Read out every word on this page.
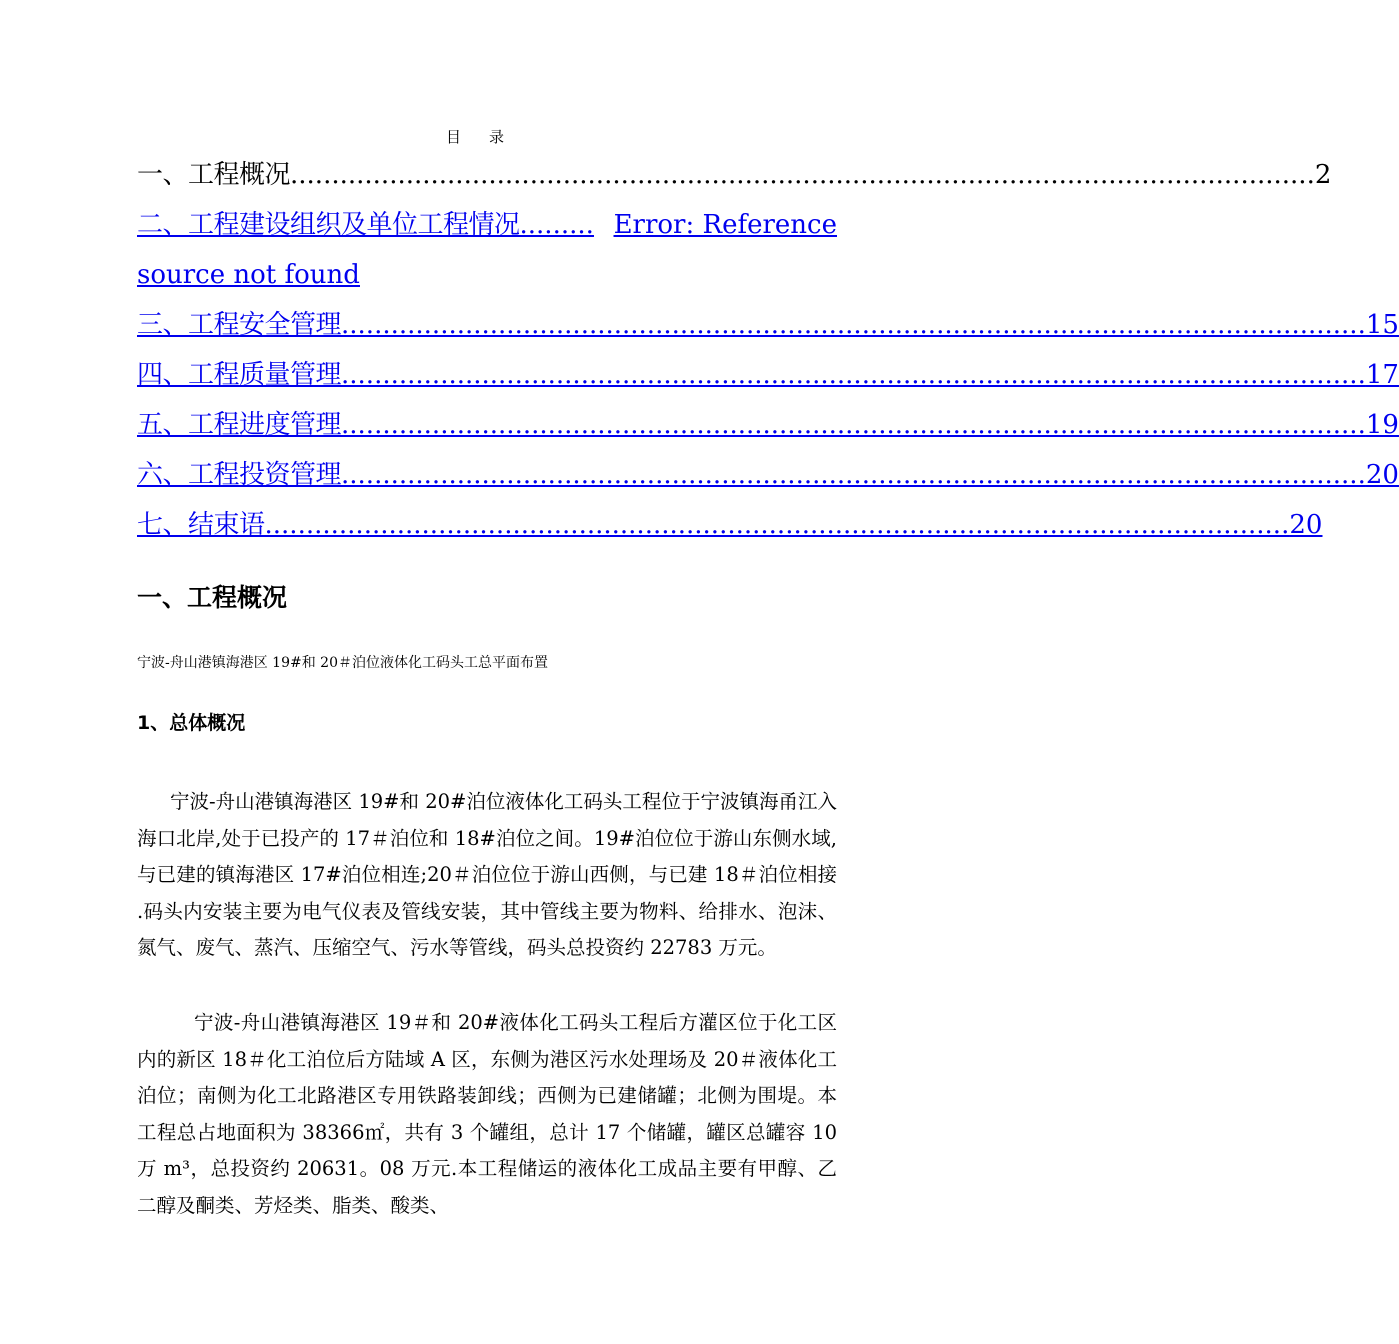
目录
一、工程概况 ............................................................................................................................ 2
二、工程建设组织及单位工程情况 ......... Error: Reference
source not found
三、工程安全管理 ............................................................................................................................ 15
四、工程质量管理 ............................................................................................................................ 17
五、工程进度管理 ............................................................................................................................ 19
六、工程投资管理 ............................................................................................................................ 20
七、结束语 ............................................................................................................................ 20
一、工程概况
宁波-舟山港镇海港区 19#和 20＃泊位液体化工码头工总平面布置
1、总体概况
宁波-舟山港镇海港区 19#和 20#泊位液体化工码头工程位于宁波镇海甬江入海口北岸,处于已投产的 17＃泊位和 18#泊位之间。19#泊位位于游山东侧水域,与已建的镇海港区 17#泊位相连;20＃泊位位于游山西侧，与已建 18＃泊位相接 .码头内安装主要为电气仪表及管线安装，其中管线主要为物料、给排水、泡沫、氮气、废气、蒸汽、压缩空气、污水等管线，码头总投资约 22783 万元。
宁波-舟山港镇海港区 19＃和 20#液体化工码头工程后方灌区位于化工区内的新区 18＃化工泊位后方陆域 A 区，东侧为港区污水处理场及 20＃液体化工泊位；南侧为化工北路港区专用铁路装卸线；西侧为已建储罐；北侧为围堤。本工程总占地面积为 38366㎡，共有 3 个罐组，总计 17 个储罐，罐区总罐容 10 万 m³，总投资约 20631。08 万元.本工程储运的液体化工成品主要有甲醇、乙二醇及酮类、芳烃类、脂类、酸类、
